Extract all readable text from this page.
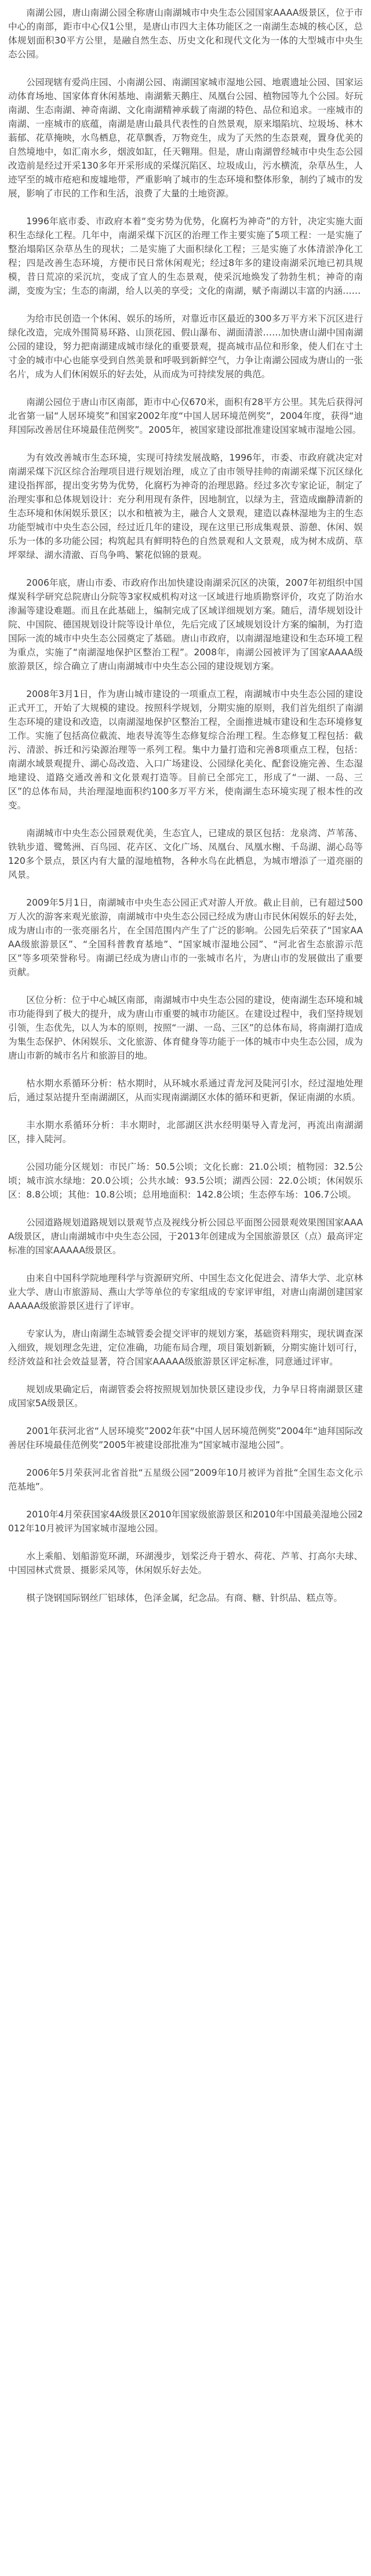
南湖公园，唐山南湖公园全称唐山南湖城市中央生态公园国家AAAA级景区，位于市中心的南部，距市中心仅1公里，是唐山市四大主体功能区之一南湖生态城的核心区，总体规划面积30平方公里，是融自然生态、历史文化和现代文化为一体的大型城市中央生态公园。

公园现辖有爱尚庄园、小南湖公园、南湖国家城市湿地公园、地震遗址公园、国家运动体育场地、国家体育休闲基地、南湖紫天鹅庄、凤凰台公园、植物园等九个公园。好玩南湖、生态南湖、神奇南湖、文化南湖精神承载了南湖的特色、品位和追求。一座城市的南湖、一座城市的底蕴，南湖是唐山最具代表性的自然景观，原来塌陷坑、垃圾场、林木蓊郁、花草掩映，水鸟栖息，花草飘香，万物竞生，成为了天然的生态景观，置身优美的自然境地中，如汇南水乡，烟波如缸，任天翱翔。但是，唐山南湖曾经城市中央生态公园改造前是经过开采130多年开采形成的采煤沉陷区、垃圾成山，污水横流，杂草丛生，人迹罕至的城市疮疤和废墟地带，严重影响了城市的生态环境和整体形象，制约了城市的发展，影响了市民的工作和生活，浪费了大量的土地资源。

1996年底市委、市政府本着“变劣势为优势，化腐朽为神奇”的方针，决定实施大面积生态绿化工程。几年中，南湖采煤下沉区的治理工作主要实施了5项工程：一是实施了整治塌陷区杂草丛生的现状；二是实施了大面积绿化工程；三是实施了水体清淤净化工程；四是改善生态环境，方便市民日常休闲观光；经过8年多的建设南湖采沉地已初具规模，昔日荒凉的采沉坑，变成了宜人的生态景观，使采沉地焕发了勃勃生机；神奇的南湖，变废为宝；生态的南湖，给人以美的享受；文化的南湖，赋予南湖以丰富的内涵……

为给市民创造一个休闲、娱乐的场所，对靠近市区最近的300多万平方米下沉区进行绿化改造，完成外围简易环路、山顶花园、假山瀑布、湖面清淤……加快唐山湖中国南湖公园的建设，努力把南湖建成城市绿化的重要景观，提高城市品位和形象，使人们在寸土寸金的城市中心也能享受到自然美景和呼吸到新鲜空气，力争让南湖公园成为唐山的一张名片，成为人们休闲娱乐的好去处，从而成为可持续发展的典范。

南湖公园位于唐山市区南部，距市中心仅670米，面积有28平方公里。其先后获得河北省第一届“人居环境奖”和国家2002年度“中国人居环境范例奖”，2004年度，获得“迪拜国际改善居住环境最佳范例奖”。2005年，被国家建设部批准建设国家城市湿地公园。

为有效改善城市生态环境，实现可持续发展战略，1996年，市委、市政府就决定对南湖采煤下沉区综合治理项目进行规划治理，成立了由市领导挂帅的南湖采煤下沉区绿化建设指挥部，提出变劣势为优势，化腐朽为神奇的治理思路。经过多次专家论证，制定了治理实事和总体规划设计：充分利用现有条件，因地制宜，以绿为主，营造成幽静清新的生态环境和休闲娱乐景区；以水和植被为主，融合人文景观，建造以森林湿地为主的生态功能型城市中央生态公园，经过近几年的建设，现在这里已形成集观景、游憩、休闲、娱乐为一体的多功能公园；构筑起具有鲜明特色的自然景观和人文景观，成为树木成荫、草坪翠绿、湖水清澈、百鸟争鸣、繁花似锦的景观。

2006年底，唐山市委、市政府作出加快建设南湖采沉区的决策，2007年初组织中国煤炭科学研究总院唐山分院等3家权威机构对这一区域进行地质勘察评价，攻克了防治水渗漏等建设难题。而且在此基础上，编制完成了区域详细规划方案。随后，清华规划设计院、中国院、德国规划设计院等设计单位，先后完成了区域规划设计方案的编制，为打造国际一流的城市中央生态公园奠定了基础。唐山市政府，以南湖湿地建设和生态环境工程为重点，实施了“南湖湿地保护区整治工程”。2008年，南湖公园被评为了国家AAAA级旅游景区，综合确立了唐山南湖城市中央生态公园的建设规划方案。

2008年3月1日，作为唐山城市建设的一项重点工程，南湖城市中央生态公园的建设正式开工，开始了大规模的建设。按照科学规划，分期实施的原则，我们首先组织了南湖生态环境的建设和改造，以南湖湿地保护区整治工程，全面推进城市建设和生态环境修复工作。实施了包括高位截流、地表导流等生态修复综合治理工程。生态修复工程包括：截污、清淤、拆迁和污染源治理等一系列工程。集中力量打造和完善8项重点工程，包括：南湖水域景观提升、湖心岛改造、入口广场建设、公园绿化美化、配套设施完善、生态湿地建设、道路交通改善和文化景观打造等。目前已全部完工，形成了“一湖、一岛、三区”的总体布局，共治理湿地面积约100多万平方米，使南湖生态环境实现了根本性的改变。

南湖城市中央生态公园景观优美，生态宜人，已建成的景区包括：龙泉湾、芦苇荡、铁轨步道、鹭鸶洲、百鸟园、花卉区、文化广场、凤凰台、凤凰水榭、千岛湖、湖心岛等120多个景点，景区内有大量的湿地植物，各种水鸟在此栖息，为城市增添了一道亮丽的风景。

2009年5月1日，南湖城市中央生态公园正式对游人开放。截止目前，已有超过500万人次的游客来观光旅游，南湖城市中央生态公园已经成为唐山市民休闲娱乐的好去处，成为唐山市的一张亮丽名片，在全国范围内产生了广泛的影响。公园先后荣获了“国家AAAA级旅游景区”、“全国科普教育基地”、“国家城市湿地公园”、“河北省生态旅游示范区”等多项荣誉称号。南湖已经成为唐山市的一张城市名片，为唐山市的发展做出了重要贡献。

区位分析：位于中心城区南部，南湖城市中央生态公园的建设，使南湖生态环境和城市功能得到了极大的提升，成为唐山市重要的城市功能区。在建设过程中，我们坚持规划引领，生态优先，以人为本的原则，按照“一湖、一岛、三区”的总体布局，将南湖打造成为集生态保护、休闲娱乐、文化旅游、体育健身等功能于一体的城市中央生态公园，成为唐山市新的城市名片和旅游目的地。

枯水期水系循环分析：枯水期时，从环城水系通过青龙河及陡河引水，经过湿地处理后，通过泵站提升至南湖湖区，从而实现南湖湖区水体的循环和更新，保证南湖的水质。

丰水期水系循环分析：丰水期时，北部湖区洪水经明渠导入青龙河，再流出南湖湖区，排入陡河。

公园功能分区规划：市民广场：50.5公顷；文化长廊：21.0公顷；植物园：32.5公顷；城市滨水绿地：20.0公顷；公共水域：93.5公顷；湖西公园：22.0公顷；休闲娱乐区：8.8公顷；其他：10.8公顷；总用地面积：142.8公顷；生态停车场：106.7公顷。

公园道路规划道路规划以景观节点及视线分析公园总平面图公园景观效果图国家AAAA级景区，唐山南湖城市中央生态公园，于2013年创建成为全国旅游景区（点）最高评定标准的国家AAAAA级景区。

由来自中国科学院地理科学与资源研究所、中国生态文化促进会、清华大学、北京林业大学、唐山市旅游局、燕山大学等单位的专家组成的专家评审组，对唐山南湖创建国家AAAAA级旅游景区进行了评审。

专家认为，唐山南湖生态城管委会提交评审的规划方案，基础资料翔实，现状调查深入细致，规划理念先进，定位准确，功能布局合理，项目策划新颖，分期实施计划可行，经济效益和社会效益显著，符合国家AAAAA级旅游景区评定标准，同意通过评审。

规划成果确定后，南湖管委会将按照规划加快景区建设步伐，力争早日将南湖景区建成国家5A级景区。

2001年获河北省“人居环境奖”2002年获“中国人居环境范例奖”2004年“迪拜国际改善居住环境最佳范例奖”2005年被建设部批准为“国家城市湿地公园”。

2006年5月荣获河北省首批“五星级公园”2009年10月被评为首批“全国生态文化示范基地”。

2010年4月荣获国家4A级景区2010年国家级旅游景区和2010年中国最美湿地公园2012年10月被评为国家城市湿地公园。

水上乘船、划船游览环湖，环湖漫步，划桨泛舟于碧水、荷花、芦苇、打高尔夫球、中国园林式赏景、摄影采风等，休闲娱乐好去处。

棋子饶钢国际钢丝厂铝球体，色泽金属，纪念品。有商、糖、针织品、糕点等。
